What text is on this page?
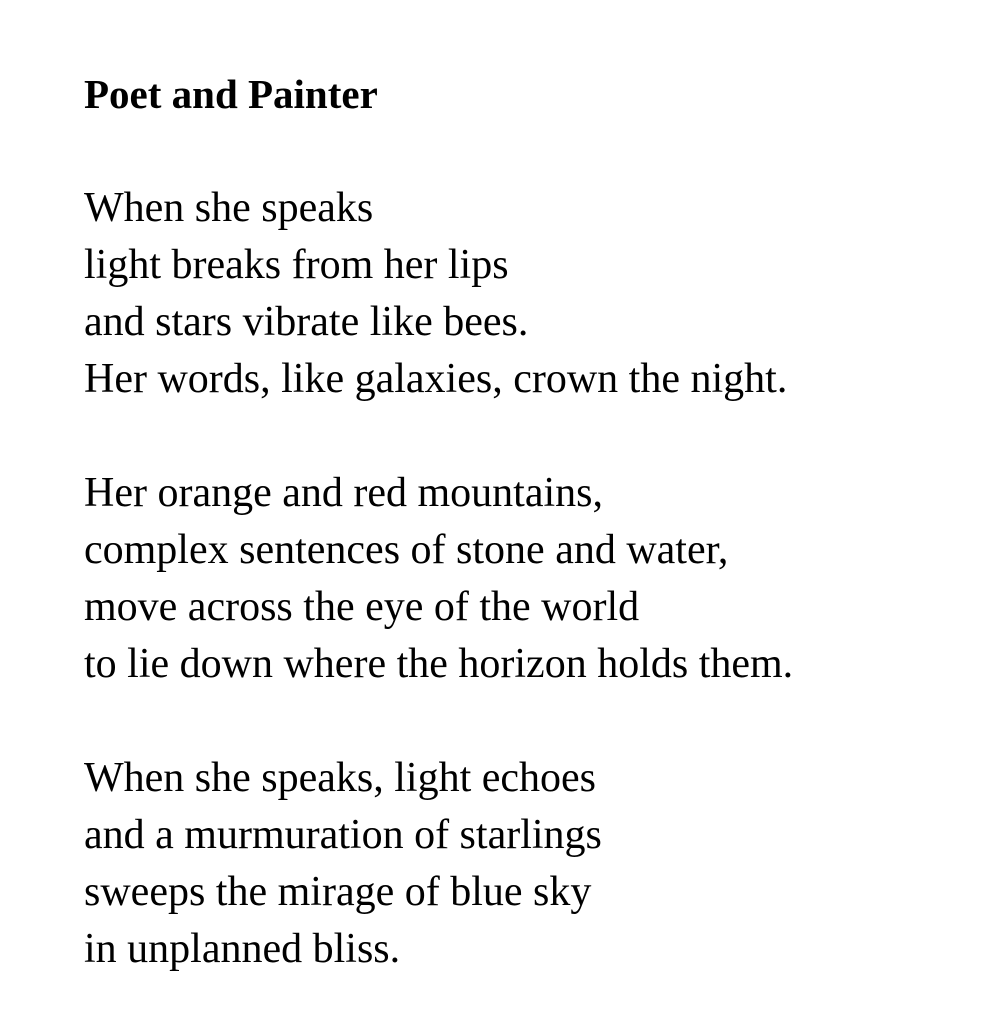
Poet and Painter
When she speaks
light breaks from her lips
and stars vibrate like bees.
Her words, like galaxies, crown the night.
Her orange and red mountains,
complex sentences of stone and water,
move across the eye of the world
to lie down where the horizon holds them.
When she speaks, light echoes
and a murmuration of starlings
sweeps the mirage of blue sky
in unplanned bliss.
